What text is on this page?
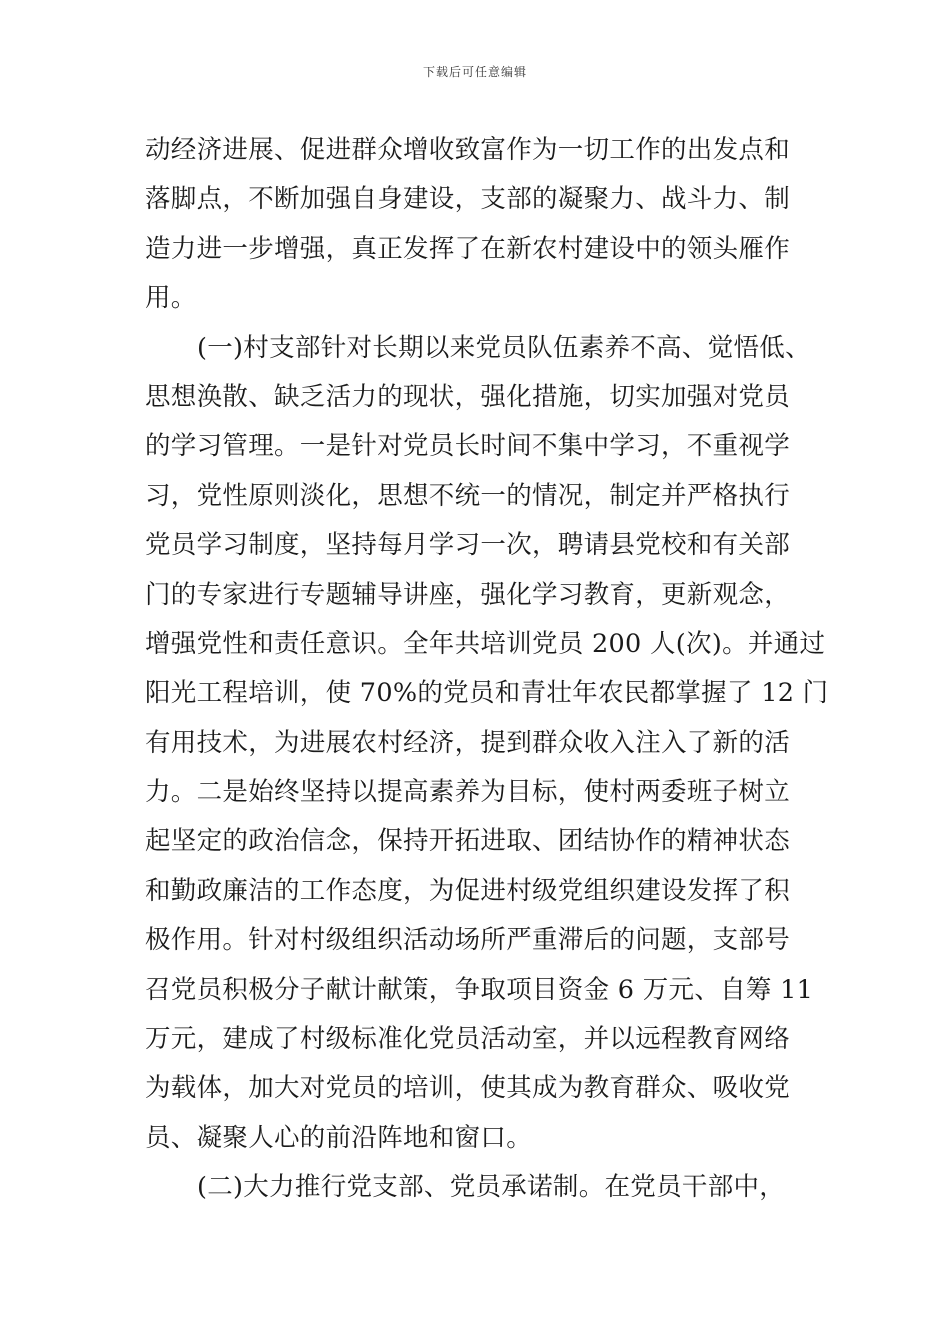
下载后可任意编辑
动经济进展、促进群众增收致富作为一切工作的出发点和
落脚点，不断加强自身建设，支部的凝聚力、战斗力、制
造力进一步增强，真正发挥了在新农村建设中的领头雁作
用。
(一)村支部针对长期以来党员队伍素养不高、觉悟低、
思想涣散、缺乏活力的现状，强化措施，切实加强对党员
的学习管理。一是针对党员长时间不集中学习，不重视学
习，党性原则淡化，思想不统一的情况，制定并严格执行
党员学习制度，坚持每月学习一次，聘请县党校和有关部
门的专家进行专题辅导讲座，强化学习教育，更新观念，
增强党性和责任意识。全年共培训党员 200 人(次)。并通过
阳光工程培训，使 70%的党员和青壮年农民都掌握了 12 门
有用技术，为进展农村经济，提到群众收入注入了新的活
力。二是始终坚持以提高素养为目标，使村两委班子树立
起坚定的政治信念，保持开拓进取、团结协作的精神状态
和勤政廉洁的工作态度，为促进村级党组织建设发挥了积
极作用。针对村级组织活动场所严重滞后的问题，支部号
召党员积极分子献计献策，争取项目资金 6 万元、自筹 11
万元，建成了村级标准化党员活动室，并以远程教育网络
为载体，加大对党员的培训，使其成为教育群众、吸收党
员、凝聚人心的前沿阵地和窗口。
(二)大力推行党支部、党员承诺制。在党员干部中，
